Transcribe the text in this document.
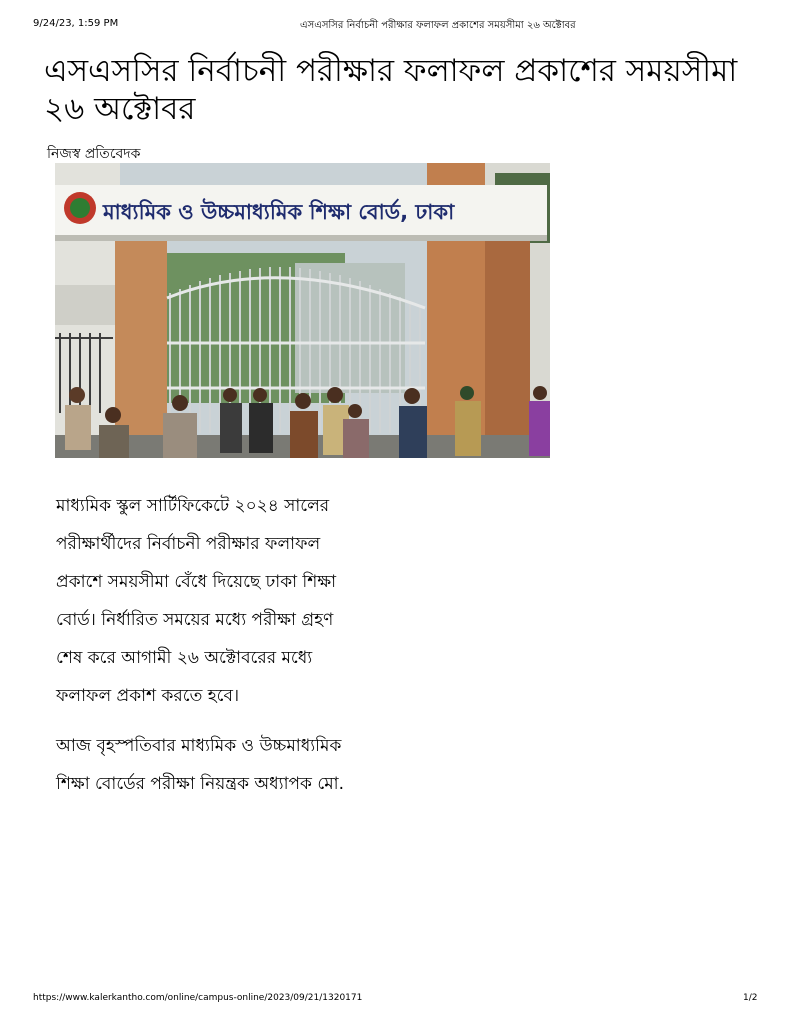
9/24/23, 1:59 PM	এসএসসির নির্বাচনী পরীক্ষার ফলাফল প্রকাশের সময়সীমা ২৬ অক্টোবর
এসএসসির নির্বাচনী পরীক্ষার ফলাফল প্রকাশের সময়সীমা ২৬ অক্টোবর
নিজস্ব প্রতিবেদক
মাধ্যমিক ও উচ্চমাধ্যমিক শিক্ষা বোর্ড, ঢাকা

মাধ্যমিক স্কুল সার্টিফিকেটে ২০২৪ সালের পরীক্ষার্থীদের নির্বাচনী পরীক্ষার ফলাফল প্রকাশে সময়সীমা বেঁধে দিয়েছে ঢাকা শিক্ষা বোর্ড। নির্ধারিত সময়ের মধ্যে পরীক্ষা গ্রহণ শেষ করে আগামী ২৬ অক্টোবরের মধ্যে ফলাফল প্রকাশ করতে হবে।

আজ বৃহস্পতিবার মাধ্যমিক ও উচ্চমাধ্যমিক শিক্ষা বোর্ডের পরীক্ষা নিয়ন্ত্রক অধ্যাপক মো.

https://www.kalerkantho.com/online/campus-online/2023/09/21/1320171	1/2
